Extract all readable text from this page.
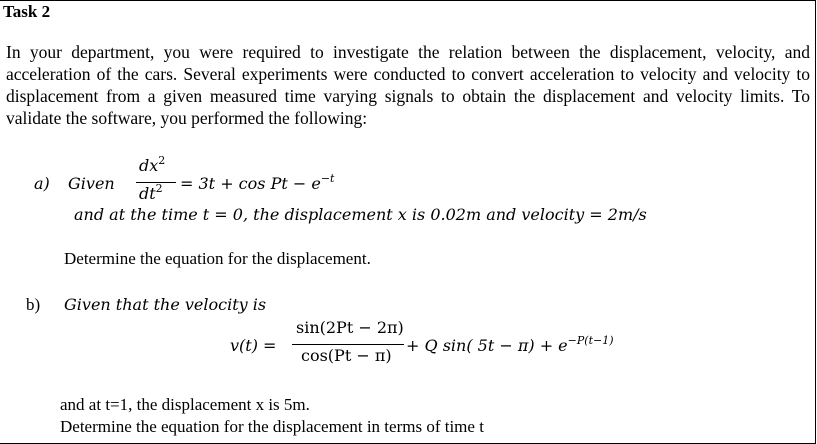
Task 2
In your department, you were required to investigate the relation between the displacement, velocity, and acceleration of the cars. Several experiments were conducted to convert acceleration to velocity and velocity to displacement from a given measured time varying signals to obtain the displacement and velocity limits. To validate the software, you performed the following:
a) Given
$dx^2$
$dt^2 = 3t + \cos Pt - e^{-t}$
and at the time t = 0, the displacement x is 0.02m and velocity = 2m/s
Determine the equation for the displacement.
b) Given that the velocity is
v(t) =
sin(2Pt − 2π)
cos(Pt − π)
+ Q sin( $5t - \pi) + e^{-P(t-1)}$
and at t=1, the displacement x is 5m.
Determine the equation for the displacement in terms of time t
